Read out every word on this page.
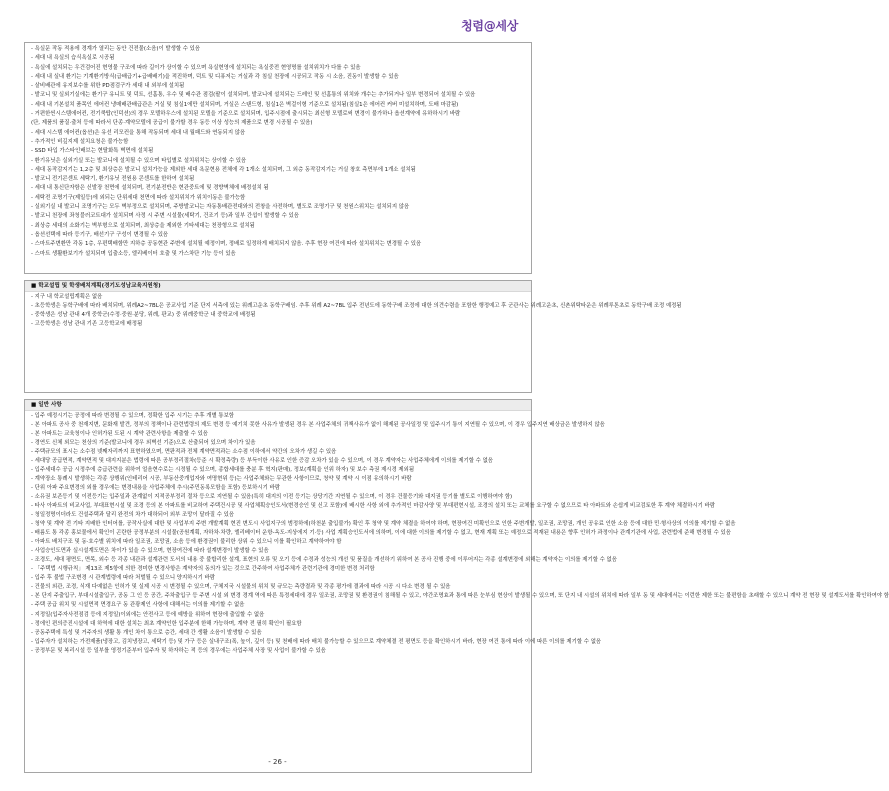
청렴@세상
- 욕실문 작동 적용에 경계가 열리는 동안 건전물(소음)이 발생할 수 있음
- 세대 내 욕실의 습식욕실로 시공됨
- 욕실에 설치되는 우건검어진 현영물 구조에 따라 길이가 상이할 수 있으며 욕실현영에 설치되는 욕실중전 현영명를 설치위치가 다를 수 있음
- 세대 내 실내 환기는 기계환기방식(급배급기+급배배기)을 적진하며, 덕트 및 디퓨저는 거실과 각 침실 천장에 시공되고 작동 시 소음, 진동이 발생할 수 있음
- 살비배관에 유지보수를 위한 PD점검구가 세대 내 외부에 설치됨
- 발코니 및 실외기실에는 환기구 유니트 및 덕트, 선홈통, 우수 및 배수관 점검(팔이 설치되며, 발코니에 설치되는 드레인 및 선홈통의 위치와 개수는 추가되거나 일부 변경되어 설치될 수 있음
- 세대 내 기본설치 품목인 에어컨 냉매배관배급관은 거실 및 침실1에만 설치되며, 거실은 스탠드형, 침실1은 벽걸이형 기준으로 설치됨(침실1은 에어컨 커버 미설치하며, 도배 마감됨)
- 거편한씬시스템에어컨, 전기쿡탑(인덕션)의 경우 모델하우스에 설치된 모델을 기준으로 설치되며, 입주시점에 출시되는 최신형 모델로써 변경이 불가하나 옵션계약에 유하하시기 바람
(단, 제품의 품질·출처 등에 따라서 단종·계약모델에 공급이 불가할 경우 동등 이상 성능의 제품으로 변경 시공될 수 있음)
- 세대 시스템 에어컨(옵션)은 유선 리모컨을 통해 작동되며 세대 내 월패드와 연동되지 않음
- 추가적인 비깊지제 설치요청은 불가능함
- SSD 타입 가스타인배브는 현탈화톡 벽면에 설치됨
- 환기유닛은 실외기실 또는 발코니에 설치될 수 있으며 타입별로 설치위치는 상이할 수 있음
- 세대 동작감지기는 1,2층 및 최상층은 발코니 설치가능을 제외한 세대 욕문현용 전체에 각 1개소 설치되며, 그 외층 동작감지기는 거실 창호 측면부에 1개소 설치됨
- 발코니 전기콘센트 세탁기, 환기유닛 전원용 콘센트를 한하여 설치됨
- 세대 내 통신단자함은 신발장 천면에 설치되며, 전기분전반은 현관중트에 및 경향벽체에 배정설치 됨
- 세탁전 조명기구(제일등)에 외되는 단위세대 천면에 따라 설치위치가 위치이동은 불가능함
- 실외기실 내 발코니 조명기구는 모두 벽부정으로 설치되며, 주방발코니는 자동통배관전대와의 전창을 사전하며, 별도로 조명기구 및 천원스위치는 설치되지 않음
- 발코니 천장에 좌청블러코트대가 설치되며 사정 시 주변 시설물(세탁기, 건조기 등)과 일부 간섭이 발생할 수 있음
- 최상층 세대의 소화기는 벽부형으로 설치되며, 최상층을 제외한 기타세대는 천장형으로 설치됨
- 옵션선택에 따라 등기구, 배선기구 구성이 변경될 수 있음
- 스마트주변환만 각동 1층, 우편택배함만 지하층 공동현관 주변에 설치될 예정이며, 정배로 일정하게 배치되지 않음. 추후 현장 여건에 따라 설치위치는 변경될 수 있음
- 스마트 생활환보기가 설치되며 입출소등, 엘리베이터 호출 및 가스차단 기능 등이 있음
■ 학교설립 및 학생배치계획(경기도성남교육지원청)
- 지구 내 학교설립계획은 없음
- 초등학생은 동학구배에 따라 배치되며, 위례A2~7BL은 공교사업 기준 단지 서측에 있는 위례고운초 동학구배임. 추후 위례 A2~7BL 입주 전년도에 동학구배 조정에 대한 의견수렴을 포함한 행정예고 후 군관사는 위례고운초, 신촌위탁타운은 위례루톤초로 동학구배 조정 예정됨
- 중학생은 성남 관내 4개 중학군(수정·중원·분당, 위례, 판교) 중 위례중학군 내 중학교에 배정됨
- 고등학생은 성남 관내 기존 고등학교에 배정됨
■ 일반 사항
- 입주 예정시기는 공정에 따라 변경될 수 있으며, 정확한 입주 시기는 추후 개별 통보함
- 본 아파트 공사 중 천재지변, 문화재 발견, 정부의 정책이나 관련법령의 제도 변경 등 예기치 못한 사유가 발생된 경우 본 사업주체의 귀책사유가 없이 해제된 공사일정 및 입주시기 통이 지연될 수 있으며, 이 경우 입주지연 배상금은 발생하지 않음
- 본 아파트는 교육청이나 인허가된 도된 시 계약 관련사항을 제출할 수 있음
- 경연도 신체 외모는 천상의 기준(발코니에 경우 외벽선 기준)으로 산출되어 있으며 차이가 있음
- 주택규모의 표시는 소수점 넷째자리까지 표현하였으며, 면판적과 전체 계약면적과는 소수점 이하에서 약간의 오차가 생길 수 있음
- 세대당 공급면적, 계약면적 및 대지지분은 법령에 따른 공부정리절차(등준 시 확정측량) 등 부득이한 사유로 인한 증감 오차가 있을 수 있으며, 이 경우 계약자는 사업주체에게 이의를 제기할 수 없음
- 입주세대수 공급 시정추에 층급관련을 위하여 얼음현수로는 시정될 수 있으며, 종합세대를 충분 후 혁지(판매), 정보(계획을 인위 하자) 및 보수 측권 제시경 제외됨
- 계약장소 통례시 발생하는 각종 상행위(인테리어 시공, 부동산중개업자와 여명현위 등)는 사업주체와는 무관한 사항이므로, 청약 및 계약 시 이점 유의하시기 바람
- 단위 아파 주요변경의 외를 경우에는 변경내용을 사업주체에 추시(주민동록모함을 포함) 등보하시기 바람
- 소유권 보존등기 및 이전등기는 입주일과 관계없이 지적공부정리 절차 등으로 지연될 수 있음(특히 대지의 이전 등기는 상당기간 지연될 수 있으며, 이 경우 건물등기와 대지권 등기를 별도로 이행하여야 함)
- 타사 아파트의 비교사업, 부대표현시설 및 조경 등의 본 아파트를 비교하여 주택건시공 및 사업체획승인도서(변경승인 및 신고 포함)에 배시한 사항 외에 추가적인 마감사양 및 부대편현시설, 조경의 설치 또는 교체를 요구할 수 없으므로 타 아파트와 손쉽게 비교검토한 후 계약 체결하시기 바람
- 청일정명이더라도 건설주택과 달리 완전의 차가 대하되어 외부 조망이 달라질 수 있음
- 청약 및 계약 전 기타 지배한 인터어를, 공작사실에 대한 및 사업부지 주변 개발계획 현진 변도시 사업지구의 범정하에(하천분 출입불가) 확인 후 청약 및 계약 체결을 하여야 하며, 현장여건 미확인으로 인한 주변개발, 일조권, 조망권, 개인 공유료 인한 소음 등에 대한 민·형사상의 이의를 제기할 수 없음
- 배름도 통 각종 홍보물에서 확인이 곤란한 공정부분의 시설물(공원계획, 자하차·차량, 엘리베이터 운항-옥도-지상에지 기·등) 사업 계획승인도서에 의하며, 이에 대한 이의를 제기할 수 없고, 현재 계획 또는 예정으로 적재된 내용은 향후 인허가 과정이나 관계기관에 사업, 관련법에 준해 변경될 수 있음
- 아파트 배치구조 및 동·호수별 위치에 따라 일조권, 조망권, 소음 등에 환경권이 불리한 상위 수 있으니 이를 확인하고 계약하여야 함
- 사업승인도면과 실시설계도면은 차이가 있을 수 있으며, 현장여건에 따라 설계변경이 발생할 수 있음
- 조경도, 세대 평면도, 면목, 외수 등 각종 내관과 설계관련 도서의 내용 중 불합리한 설계, 표현의 오류 및 오기 등에 수정과 성능의 개선 및 품질을 개선하기 위하여 본 공사 진행 중에 이루어지는 각종 설계변경에 외해는 계약자는 이의를 제기할 수 없음
- 「주택법 시행규칙」 제13조 제5항에 의한 경미한 변경사항은 계약자의 동의가 있는 것으로 간주하여 사업주체가 관련기관에 경미한 변경 처리함
- 입주 후 불법 구조변경 시 관계법령에 따라 처벌될 수 있으니 양지하시기 바람
- 건물의 외관, 조경, 식재 다예없은 인허가 및 실제 시공 시 변경될 수 있으며, 구체지국 시설물의 위치 및 규모는 측량결과 및 각종 평가에 결과에 따라 시공 시 다소 변경 될 수 있음
- 본 단지 주출입구, 부대시설출입구, 공동 그 인 등 공간, 주차출입구 등 주변 시설 외 변경 경계 역에 따른 특정세대에 경우 일조권, 조망권 및 환경권이 침해될 수 있고, 야간조명효과 통에 따른 눈부심 현상이 발생될 수 있으며, 또 단지 내 시설의 위치에 따라 일부 동 및 세대에서는 이런한 제한 또는 불편함을 초래할 수 있으니 계약 전 현장 및 설계도서를 확인하여야 함
- 주택 공급 위치 및 시설면적 면경요구 동 관광제인 사항에 대해서는 이의를 제기할 수 없음
- 지정일(입주자사전점검 등에 지정일)이외에는 안전사고 등에 예방을 위하여 현장에 출입할 수 없음
- 정에인 편의증진시설에 대 하역에 대한 설치는 최초 계약인한 입주분에 한해 가능하며, 계약 전 필히 확인이 필요함
- 공동주택에 특성 및 거주자의 생활 통 개인 차이 통으로 층간, 세대 간 생활 소음이 발생할 수 있음
- 입주자가 설치하는 가전제품(냉장고, 김치냉장고, 세탁기 등) 및 가구 등은 실내구조(폭, 높이, 깊이 등) 및 천배에 따라 배치 불가능할 수 있으므로 계약체결 전 평면도 등을 확인하시기 바라, 현장 여건 통에 따라 이에 따른 이의를 제기할 수 없음
- 공정부문 및 복리시설 등 일부를 영정기준부터 입주자 및 하자하는 적 등의 경우에는 사업주체 사장 및 사업이 불가할 수 있음
- 26 -
